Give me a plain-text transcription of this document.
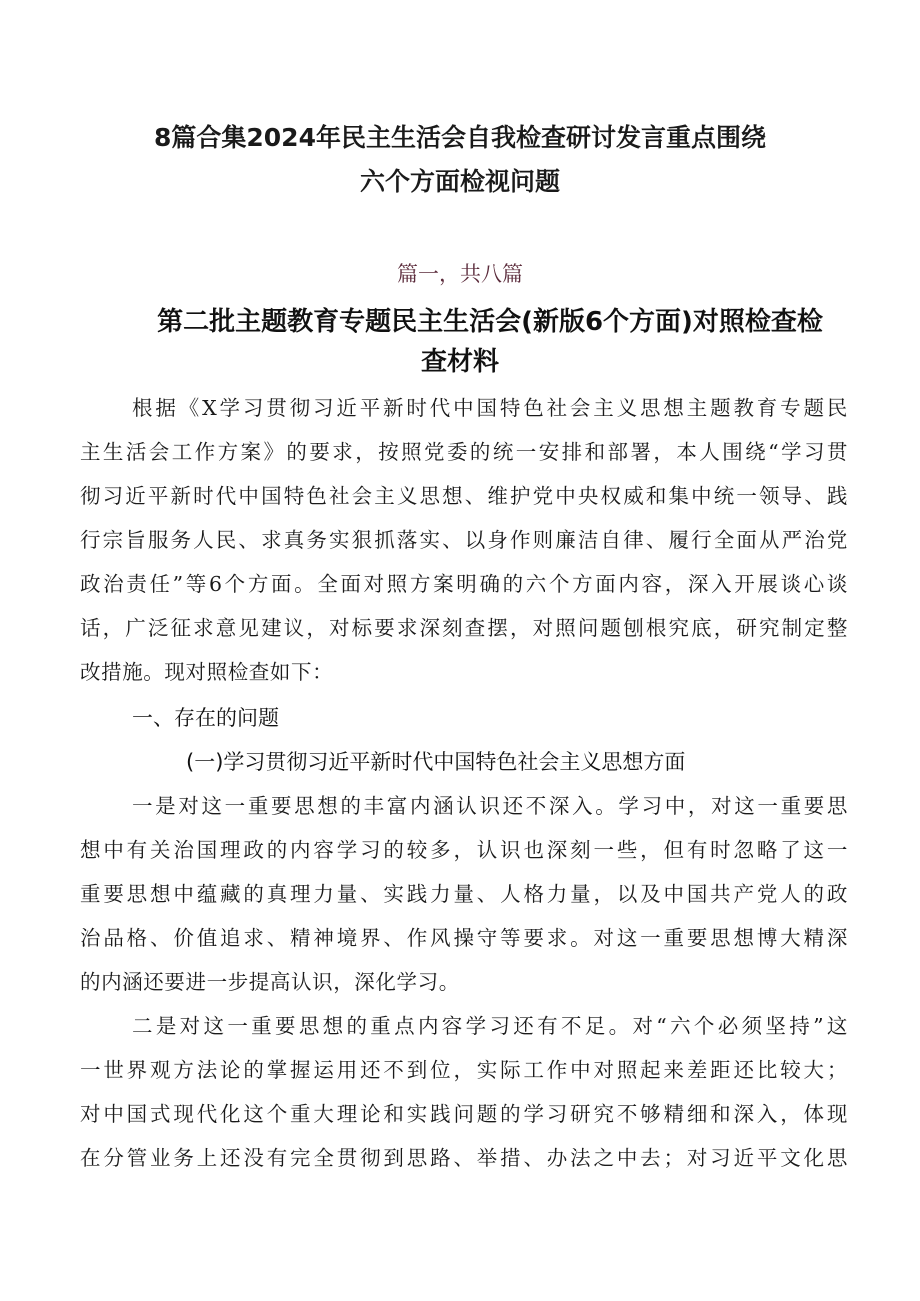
8篇合集2024年民主生活会自我检查研讨发言重点围绕
六个方面检视问题
篇一，共八篇
第二批主题教育专题民主生活会(新版6个方面)对照检查检
查材料
根据《X学习贯彻习近平新时代中国特色社会主义思想主题教育专题民
主生活会工作方案》的要求，按照党委的统一安排和部署，本人围绕“学习贯
彻习近平新时代中国特色社会主义思想、维护党中央权威和集中统一领导、践
行宗旨服务人民、求真务实狠抓落实、以身作则廉洁自律、履行全面从严治党
政治责任”等6个方面。全面对照方案明确的六个方面内容，深入开展谈心谈
话，广泛征求意见建议，对标要求深刻查摆，对照问题刨根究底，研究制定整
改措施。现对照检查如下：
一、存在的问题
(一)学习贯彻习近平新时代中国特色社会主义思想方面
一是对这一重要思想的丰富内涵认识还不深入。学习中，对这一重要思
想中有关治国理政的内容学习的较多，认识也深刻一些，但有时忽略了这一
重要思想中蕴藏的真理力量、实践力量、人格力量，以及中国共产党人的政
治品格、价值追求、精神境界、作风操守等要求。对这一重要思想博大精深
的内涵还要进一步提高认识，深化学习。
二是对这一重要思想的重点内容学习还有不足。对“六个必须坚持”这
一世界观方法论的掌握运用还不到位，实际工作中对照起来差距还比较大；
对中国式现代化这个重大理论和实践问题的学习研究不够精细和深入，体现
在分管业务上还没有完全贯彻到思路、举措、办法之中去；对习近平文化思
